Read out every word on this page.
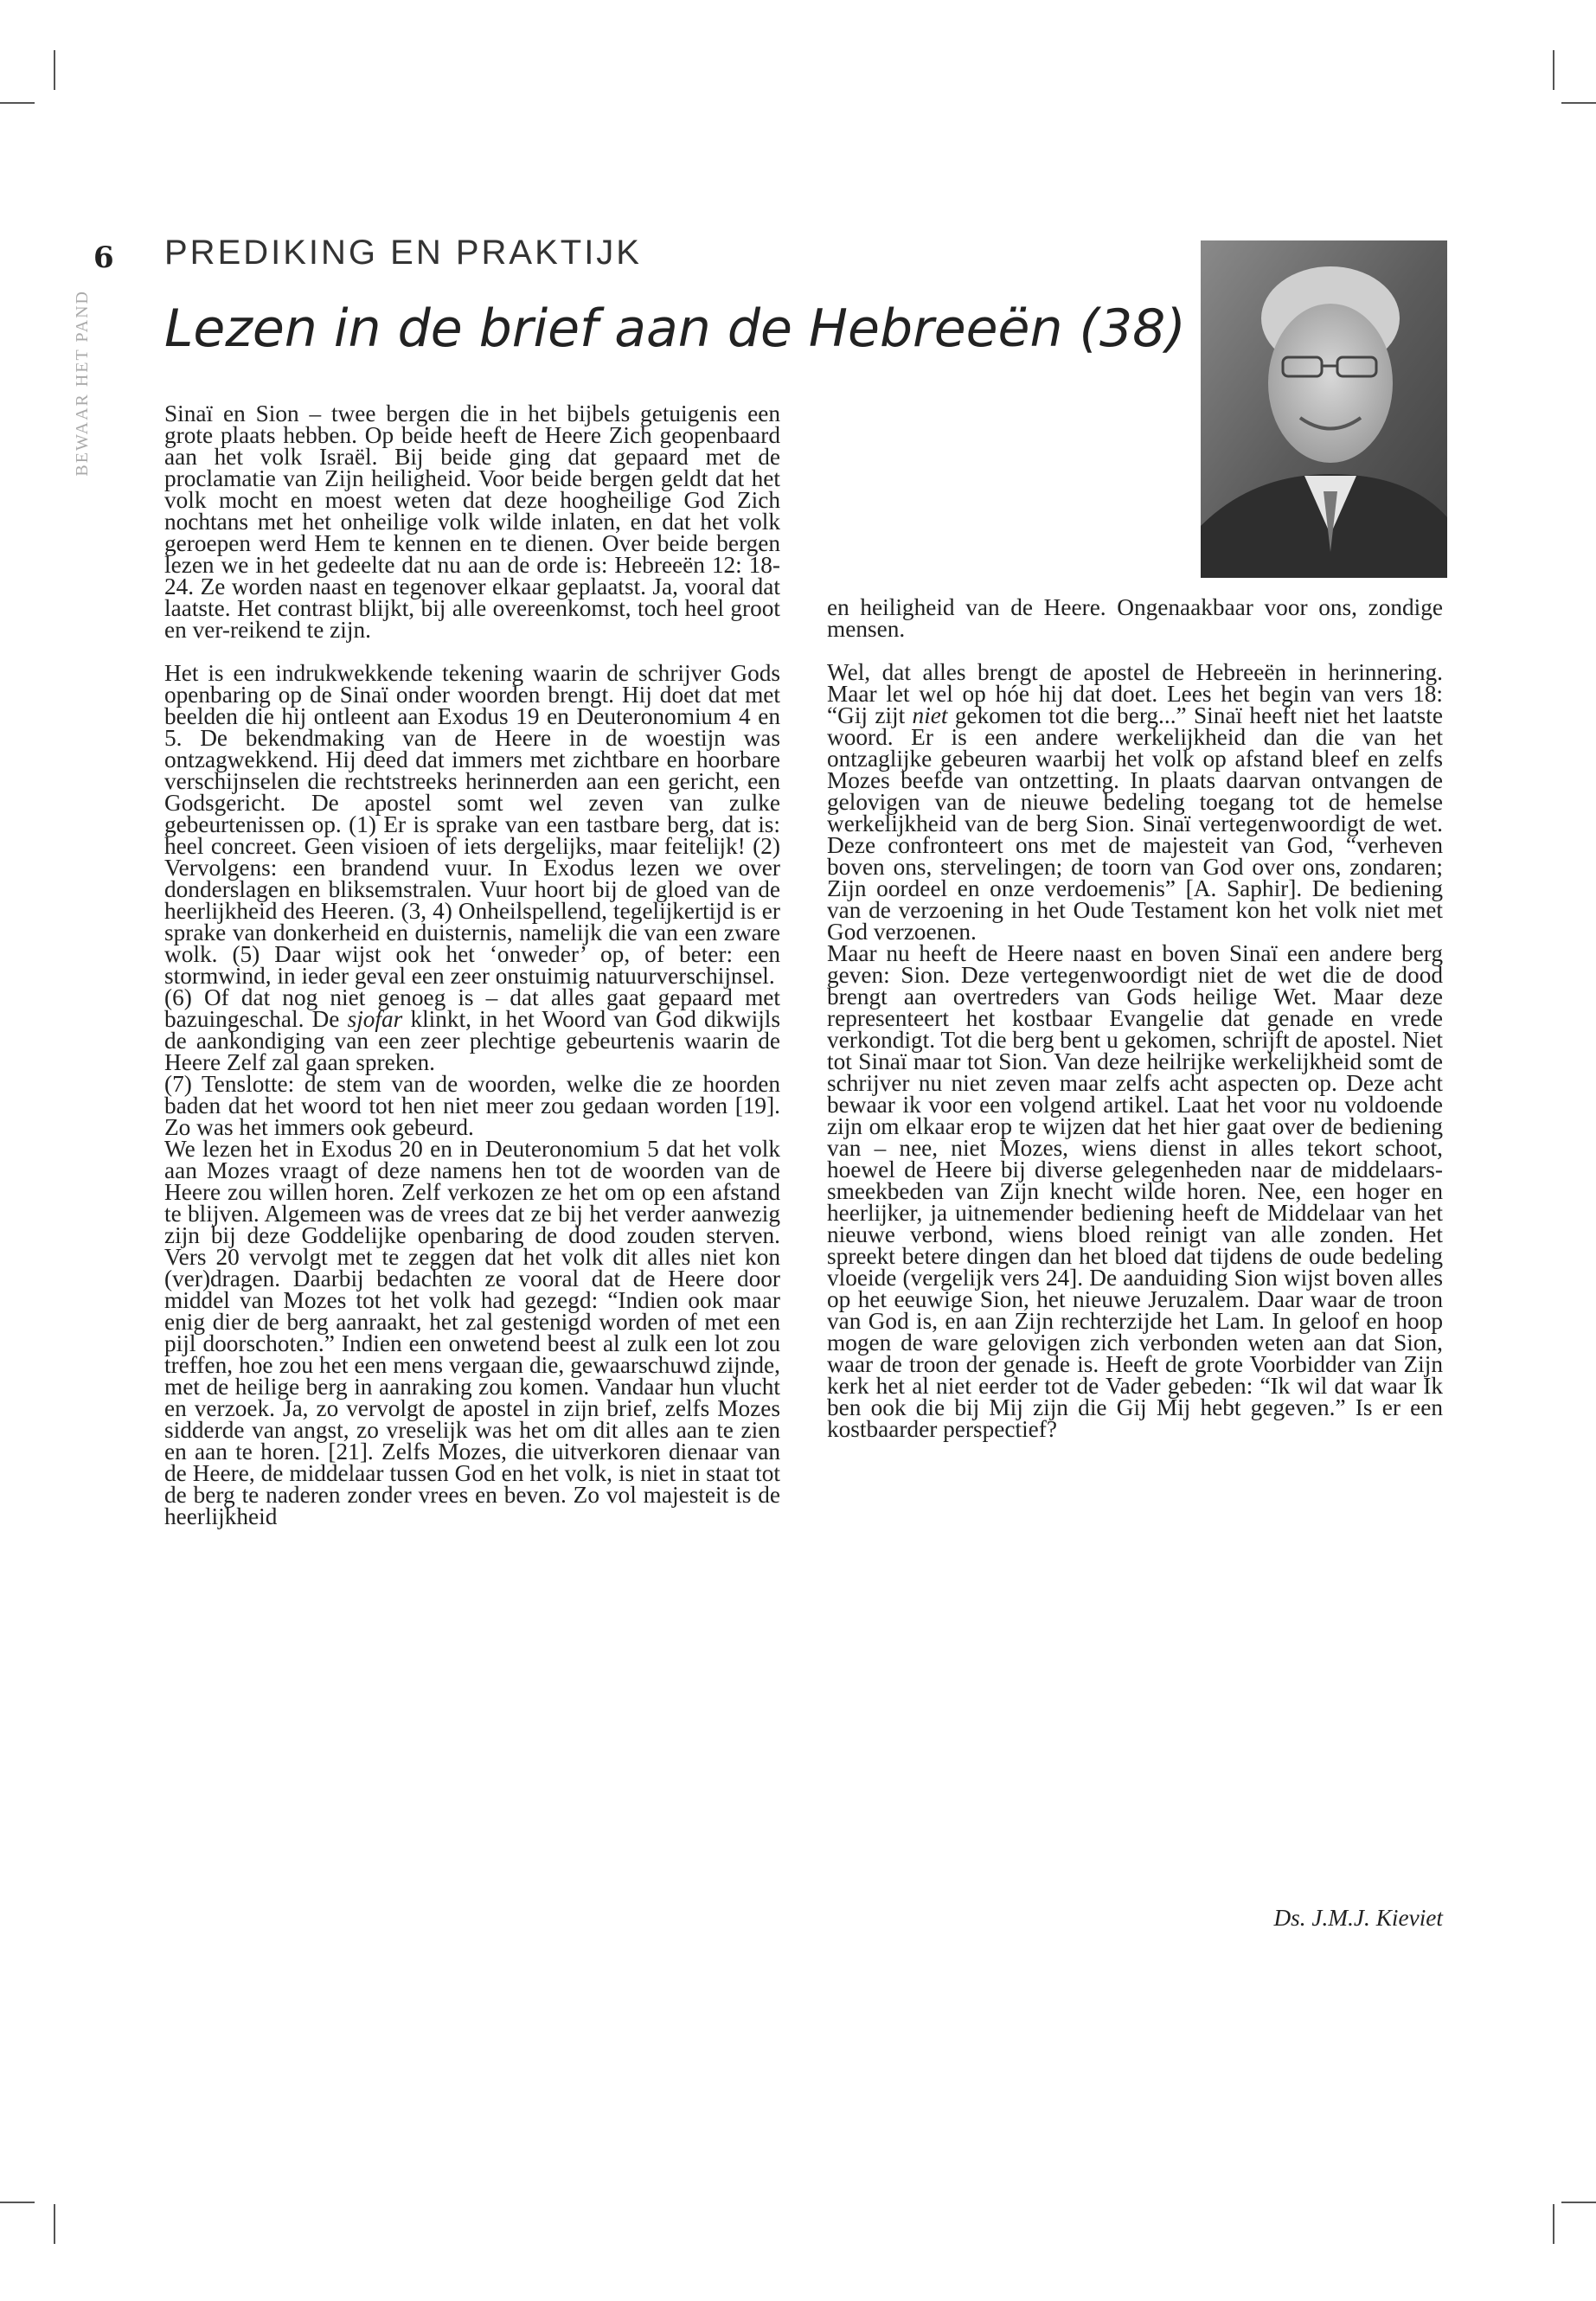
6
BEWAAR HET PAND
PREDIKING EN PRAKTIJK
Lezen in de brief aan de Hebreeën (38)

Sinaï en Sion – twee bergen die in het bijbels getuigenis een grote plaats hebben. Op beide heeft de Heere Zich geopenbaard aan het volk Israël. Bij beide ging dat gepaard met de proclamatie van Zijn heiligheid. Voor beide bergen geldt dat het volk mocht en moest weten dat deze hoogheilige God Zich nochtans met het onheilige volk wilde inlaten, en dat het volk geroepen werd Hem te kennen en te dienen. Over beide bergen lezen we in het gedeelte dat nu aan de orde is: Hebreeën 12: 18-24. Ze worden naast en tegenover elkaar geplaatst. Ja, vooral dat laatste. Het contrast blijkt, bij alle overeenkomst, toch heel groot en ver-reikend te zijn.

Het is een indrukwekkende tekening waarin de schrijver Gods openbaring op de Sinaï onder woorden brengt. Hij doet dat met beelden die hij ontleent aan Exodus 19 en Deuteronomium 4 en 5. De bekendmaking van de Heere in de woestijn was ontzagwekkend. Hij deed dat immers met zichtbare en hoorbare verschijnselen die rechtstreeks herinnerden aan een gericht, een Godsgericht. De apostel somt wel zeven van zulke gebeurtenissen op. (1) Er is sprake van een tastbare berg, dat is: heel concreet. Geen visioen of iets dergelijks, maar feitelijk! (2) Vervolgens: een brandend vuur. In Exodus lezen we over donderslagen en bliksemstralen. Vuur hoort bij de gloed van de heerlijkheid des Heeren. (3, 4) Onheilspellend, tegelijkertijd is er sprake van donkerheid en duisternis, namelijk die van een zware wolk. (5) Daar wijst ook het ‘onweder’ op, of beter: een stormwind, in ieder geval een zeer onstuimig natuurverschijnsel.

(6) Of dat nog niet genoeg is – dat alles gaat gepaard met bazuingeschal. De sjofar klinkt, in het Woord van God dikwijls de aankondiging van een zeer plechtige gebeurtenis waarin de Heere Zelf zal gaan spreken.

(7) Tenslotte: de stem van de woorden, welke die ze hoorden baden dat het woord tot hen niet meer zou gedaan worden [19]. Zo was het immers ook gebeurd.

We lezen het in Exodus 20 en in Deuteronomium 5 dat het volk aan Mozes vraagt of deze namens hen tot de woorden van de Heere zou willen horen. Zelf verkozen ze het om op een afstand te blijven. Algemeen was de vrees dat ze bij het verder aanwezig zijn bij deze Goddelijke openbaring de dood zouden sterven. Vers 20 vervolgt met te zeggen dat het volk dit alles niet kon (ver)dragen. Daarbij bedachten ze vooral dat de Heere door middel van Mozes tot het volk had gezegd: “Indien ook maar enig dier de berg aanraakt, het zal gestenigd worden of met een pijl doorschoten.” Indien een onwetend beest al zulk een lot zou treffen, hoe zou het een mens vergaan die, gewaarschuwd zijnde, met de heilige berg in aanraking zou komen. Vandaar hun vlucht en verzoek. Ja, zo vervolgt de apostel in zijn brief, zelfs Mozes sidderde van angst, zo vreselijk was het om dit alles aan te zien en aan te horen. [21]. Zelfs Mozes, die uitverkoren dienaar van de Heere, de middelaar tussen God en het volk, is niet in staat tot de berg te naderen zonder vrees en beven. Zo vol majesteit is de heerlijkheid

en heiligheid van de Heere. Ongenaakbaar voor ons, zondige mensen.

Wel, dat alles brengt de apostel de Hebreeën in herinnering. Maar let wel op hóe hij dat doet. Lees het begin van vers 18: “Gij zijt niet gekomen tot die berg...” Sinaï heeft niet het laatste woord. Er is een andere werkelijkheid dan die van het ontzaglijke gebeuren waarbij het volk op afstand bleef en zelfs Mozes beefde van ontzetting. In plaats daarvan ontvangen de gelovigen van de nieuwe bedeling toegang tot de hemelse werkelijkheid van de berg Sion. Sinaï vertegenwoordigt de wet. Deze confronteert ons met de majesteit van God, “verheven boven ons, stervelingen; de toorn van God over ons, zondaren; Zijn oordeel en onze verdoemenis” [A. Saphir]. De bediening van de verzoening in het Oude Testament kon het volk niet met God verzoenen.

Maar nu heeft de Heere naast en boven Sinaï een andere berg geven: Sion. Deze vertegenwoordigt niet de wet die de dood brengt aan overtreders van Gods heilige Wet. Maar deze representeert het kostbaar Evangelie dat genade en vrede verkondigt. Tot die berg bent u gekomen, schrijft de apostel. Niet tot Sinaï maar tot Sion. Van deze heilrijke werkelijkheid somt de schrijver nu niet zeven maar zelfs acht aspecten op. Deze acht bewaar ik voor een volgend artikel. Laat het voor nu voldoende zijn om elkaar erop te wijzen dat het hier gaat over de bediening van – nee, niet Mozes, wiens dienst in alles tekort schoot, hoewel de Heere bij diverse gelegenheden naar de middelaars-smeekbeden van Zijn knecht wilde horen. Nee, een hoger en heerlijker, ja uitnemender bediening heeft de Middelaar van het nieuwe verbond, wiens bloed reinigt van alle zonden. Het spreekt betere dingen dan het bloed dat tijdens de oude bedeling vloeide (vergelijk vers 24]. De aanduiding Sion wijst boven alles op het eeuwige Sion, het nieuwe Jeruzalem. Daar waar de troon van God is, en aan Zijn rechterzijde het Lam. In geloof en hoop mogen de ware gelovigen zich verbonden weten aan dat Sion, waar de troon der genade is. Heeft de grote Voorbidder van Zijn kerk het al niet eerder tot de Vader gebeden: “Ik wil dat waar Ik ben ook die bij Mij zijn die Gij Mij hebt gegeven.” Is er een kostbaarder perspectief?

Ds. J.M.J. Kieviet
